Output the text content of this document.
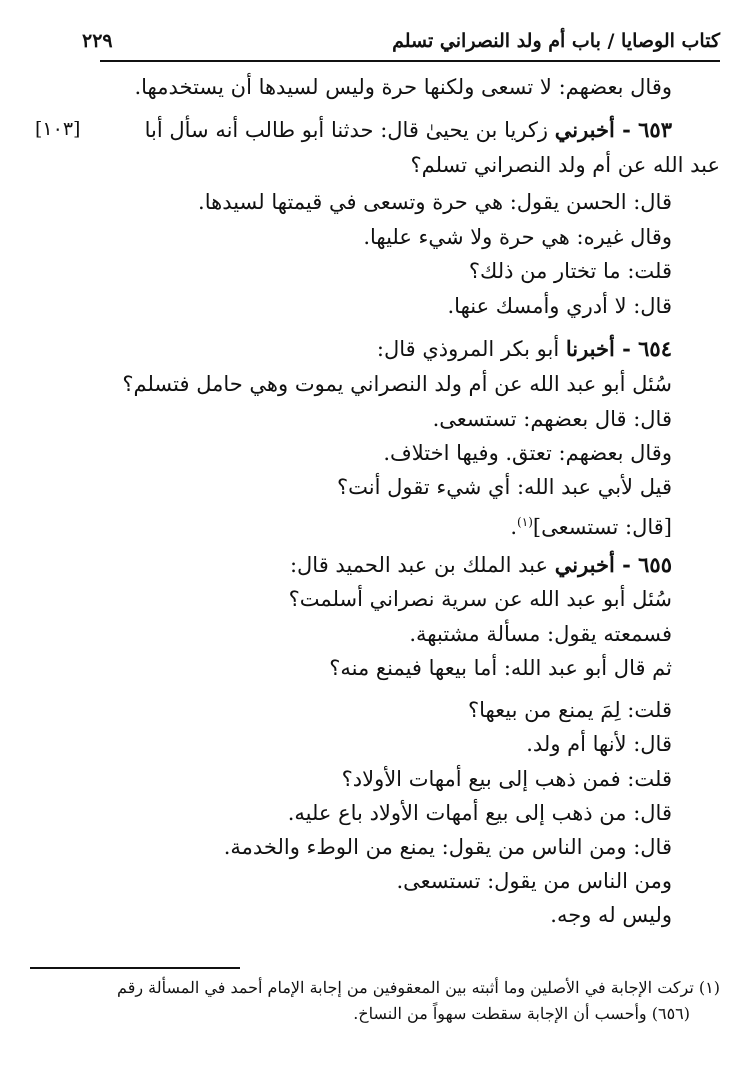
كتاب الوصايا / باب أم ولد النصراني تسلم
٢٢٩
[١٠٣]
وقال بعضهم: لا تسعى ولكنها حرة وليس لسيدها أن يستخدمها.
٦٥٣ - أخبرني زكريا بن يحيىٰ قال: حدثنا أبو طالب أنه سأل أبا
عبد الله عن أم ولد النصراني تسلم؟
قال: الحسن يقول: هي حرة وتسعى في قيمتها لسيدها.
وقال غيره: هي حرة ولا شيء عليها.
قلت: ما تختار من ذلك؟
قال: لا أدري وأمسك عنها.
٦٥٤ - أخبرنا أبو بكر المروذي قال:
سُئل أبو عبد الله عن أم ولد النصراني يموت وهي حامل فتسلم؟
قال: قال بعضهم: تستسعى.
وقال بعضهم: تعتق. وفيها اختلاف.
قيل لأبي عبد الله: أي شيء تقول أنت؟
[قال: تستسعى]$^{(١)}$.
٦٥٥ - أخبرني عبد الملك بن عبد الحميد قال:
سُئل أبو عبد الله عن سرية نصراني أسلمت؟
فسمعته يقول: مسألة مشتبهة.
ثم قال أبو عبد الله: أما بيعها فيمنع منه؟
قلت: لِمَ يمنع من بيعها؟
قال: لأنها أم ولد.
قلت: فمن ذهب إلى بيع أمهات الأولاد؟
قال: من ذهب إلى بيع أمهات الأولاد باع عليه.
قال: ومن الناس من يقول: يمنع من الوطء والخدمة.
ومن الناس من يقول: تستسعى.
وليس له وجه.
(١) تركت الإجابة في الأصلين وما أثبته بين المعقوفين من إجابة الإمام أحمد في المسألة رقم
(٦٥٦) وأحسب أن الإجابة سقطت سهواً من النساخ.
